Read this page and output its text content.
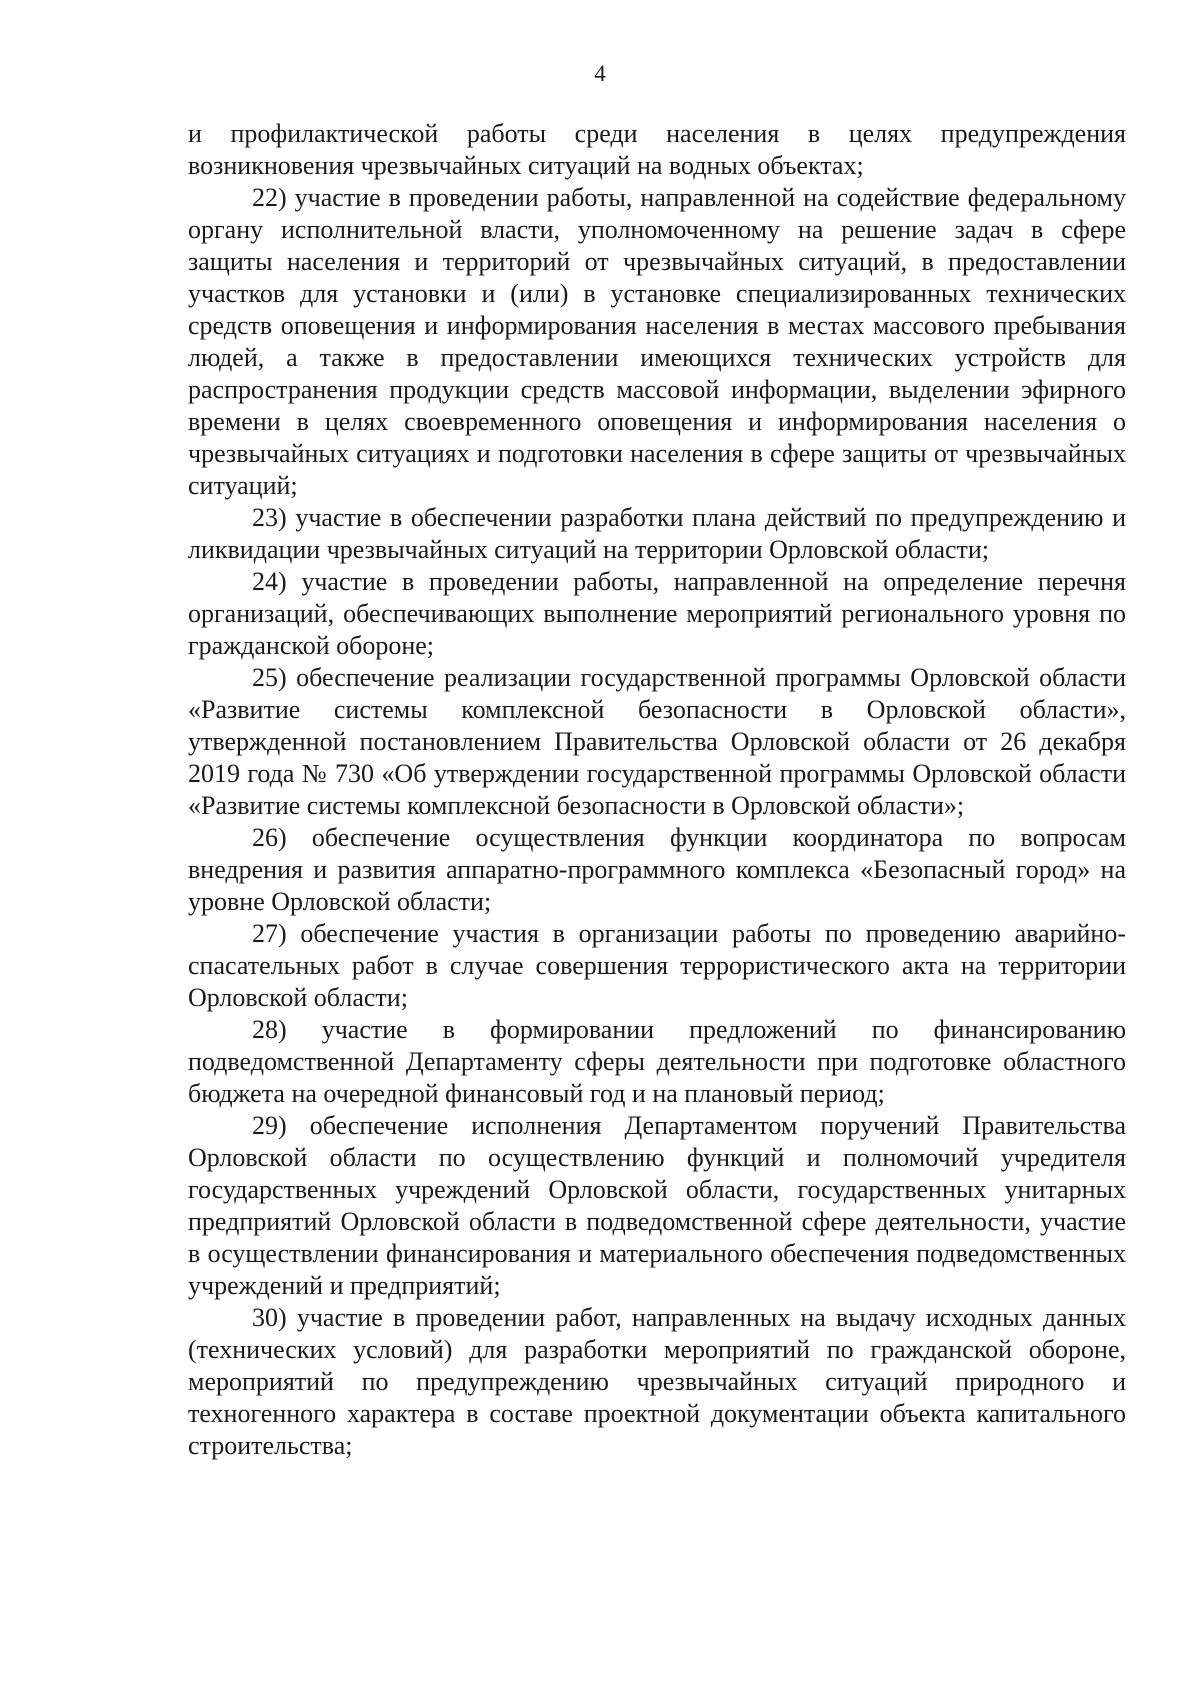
4

и профилактической работы среди населения в целях предупреждения возникновения чрезвычайных ситуаций на водных объектах;

22) участие в проведении работы, направленной на содействие федеральному органу исполнительной власти, уполномоченному на решение задач в сфере защиты населения и территорий от чрезвычайных ситуаций, в предоставлении участков для установки и (или) в установке специализированных технических средств оповещения и информирования населения в местах массового пребывания людей, а также в предоставлении имеющихся технических устройств для распространения продукции средств массовой информации, выделении эфирного времени в целях своевременного оповещения и информирования населения о чрезвычайных ситуациях и подготовки населения в сфере защиты от чрезвычайных ситуаций;

23) участие в обеспечении разработки плана действий по предупреждению и ликвидации чрезвычайных ситуаций на территории Орловской области;

24) участие в проведении работы, направленной на определение перечня организаций, обеспечивающих выполнение мероприятий регионального уровня по гражданской обороне;

25) обеспечение реализации государственной программы Орловской области «Развитие системы комплексной безопасности в Орловской области», утвержденной постановлением Правительства Орловской области от 26 декабря 2019 года № 730 «Об утверждении государственной программы Орловской области «Развитие системы комплексной безопасности в Орловской области»;

26) обеспечение осуществления функции координатора по вопросам внедрения и развития аппаратно-программного комплекса «Безопасный город» на уровне Орловской области;

27) обеспечение участия в организации работы по проведению аварийно-спасательных работ в случае совершения террористического акта на территории Орловской области;

28) участие в формировании предложений по финансированию подведомственной Департаменту сферы деятельности при подготовке областного бюджета на очередной финансовый год и на плановый период;

29) обеспечение исполнения Департаментом поручений Правительства Орловской области по осуществлению функций и полномочий учредителя государственных учреждений Орловской области, государственных унитарных предприятий Орловской области в подведомственной сфере деятельности, участие в осуществлении финансирования и материального обеспечения подведомственных учреждений и предприятий;

30) участие в проведении работ, направленных на выдачу исходных данных (технических условий) для разработки мероприятий по гражданской обороне, мероприятий по предупреждению чрезвычайных ситуаций природного и техногенного характера в составе проектной документации объекта капитального строительства;
